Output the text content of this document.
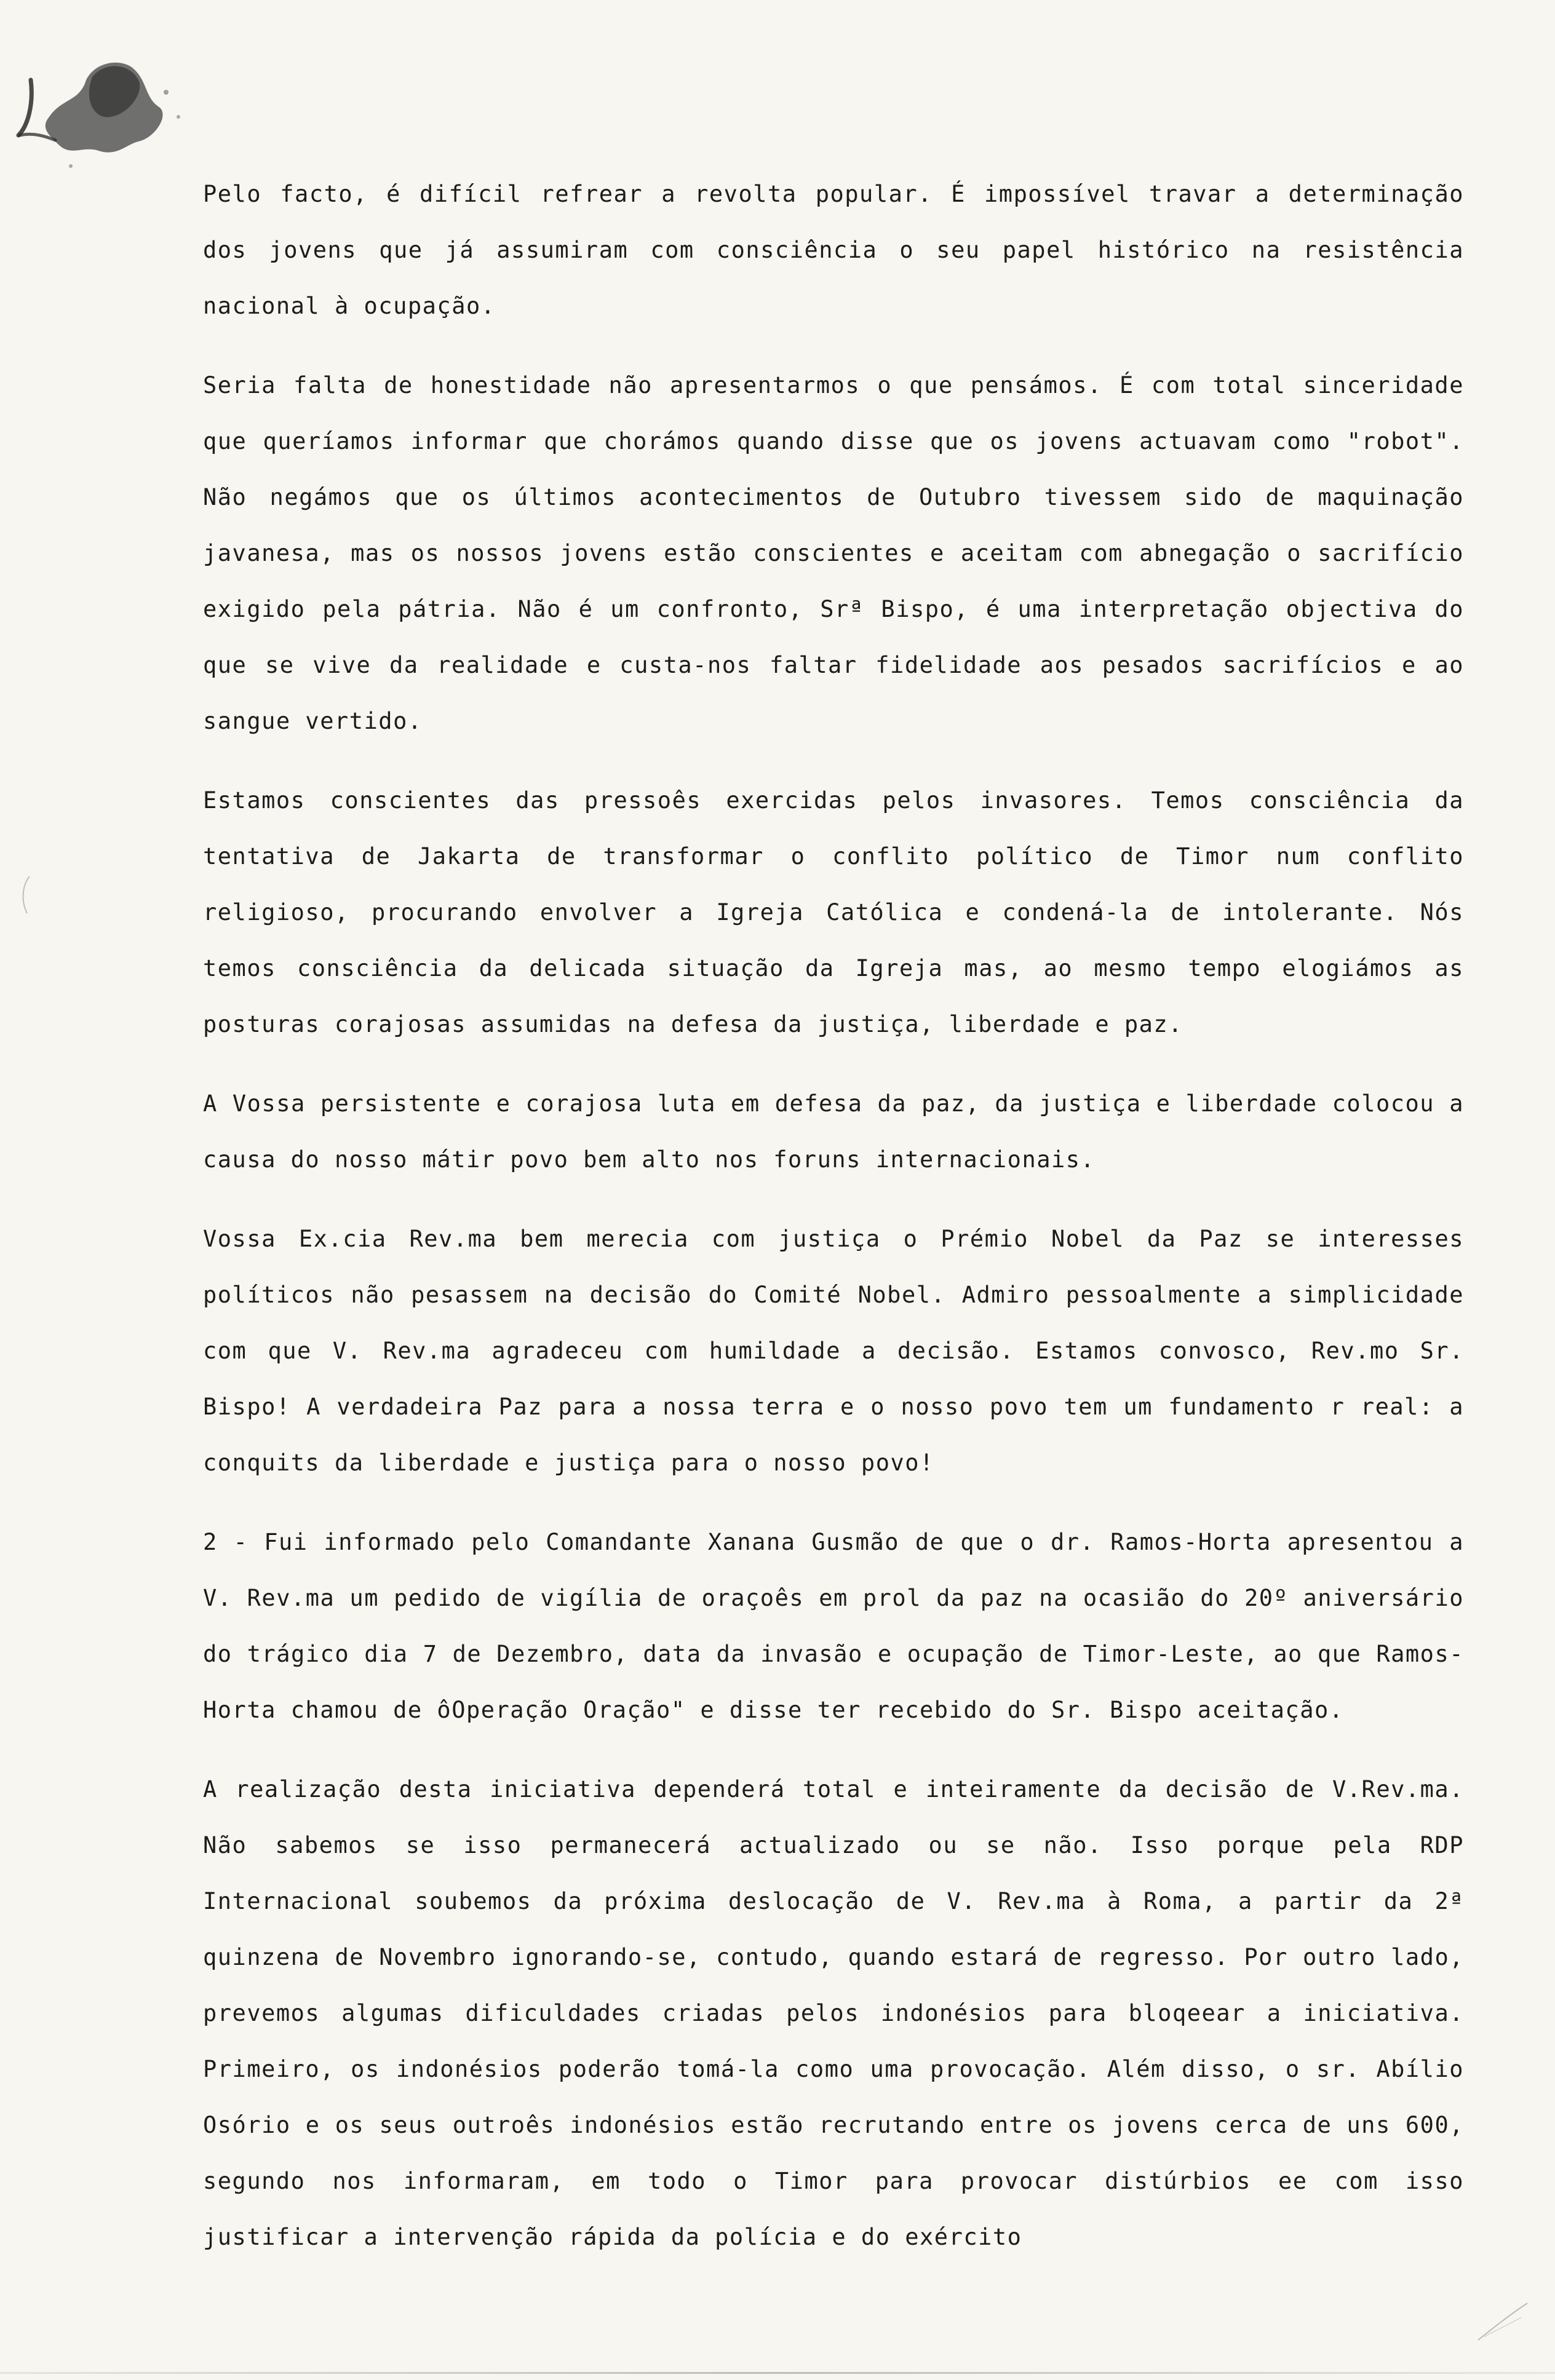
Pelo facto, é difícil refrear a revolta popular. É impossível travar a determinação dos jovens que já assumiram com consciência o seu papel histórico na resistência nacional à ocupação.

Seria falta de honestidade não apresentarmos o que pensámos. É com total sinceridade que queríamos informar que chorámos quando disse que os jovens actuavam como "robot". Não negámos que os últimos acontecimentos de Outubro tivessem sido de maquinação javanesa, mas os nossos jovens estão conscientes e aceitam com abnegação o sacrifício exigido pela pátria. Não é um confronto, Srª Bispo, é uma interpretação objectiva do que se vive da realidade e custa-nos faltar fidelidade aos pesados sacrifícios e ao sangue vertido.

Estamos conscientes das pressoês exercidas pelos invasores. Temos consciência da tentativa de Jakarta de transformar o conflito político de Timor num conflito religioso, procurando envolver a Igreja Católica e condená-la de intolerante. Nós temos consciência da delicada situação da Igreja mas, ao mesmo tempo elogiámos as posturas corajosas assumidas na defesa da justiça, liberdade e paz.

A Vossa persistente e corajosa luta em defesa da paz, da justiça e liberdade colocou a causa do nosso mátir povo bem alto nos foruns internacionais.

Vossa Ex.cia Rev.ma bem merecia com justiça o Prémio Nobel da Paz se interesses políticos não pesassem na decisão do Comité Nobel. Admiro pessoalmente a simplicidade com que V. Rev.ma agradeceu com humildade a decisão. Estamos convosco, Rev.mo Sr. Bispo! A verdadeira Paz para a nossa terra e o nosso povo tem um fundamento r real: a conquits da liberdade e justiça para o nosso povo!

2 - Fui informado pelo Comandante Xanana Gusmão de que o dr. Ramos-Horta apresentou a V. Rev.ma um pedido de vigília de oraçoês em prol da paz na ocasião do 20º aniversário do trágico dia 7 de Dezembro, data da invasão e ocupação de Timor-Leste, ao que Ramos-Horta chamou de ôOperação Oração" e disse ter recebido do Sr. Bispo aceitação.

A realização desta iniciativa dependerá total e inteiramente da decisão de V.Rev.ma. Não sabemos se isso permanecerá actualizado ou se não. Isso porque pela RDP Internacional soubemos da próxima deslocação de V. Rev.ma à Roma, a partir da 2ª quinzena de Novembro ignorando-se, contudo, quando estará de regresso. Por outro lado, prevemos algumas dificuldades criadas pelos indonésios para bloqeear a iniciativa. Primeiro, os indonésios poderão tomá-la como uma provocação. Além disso, o sr. Abílio Osório e os seus outroês indonésios estão recrutando entre os jovens cerca de uns 600, segundo nos informaram, em todo o Timor para provocar distúrbios ee com isso justificar a intervenção rápida da polícia e do exército
